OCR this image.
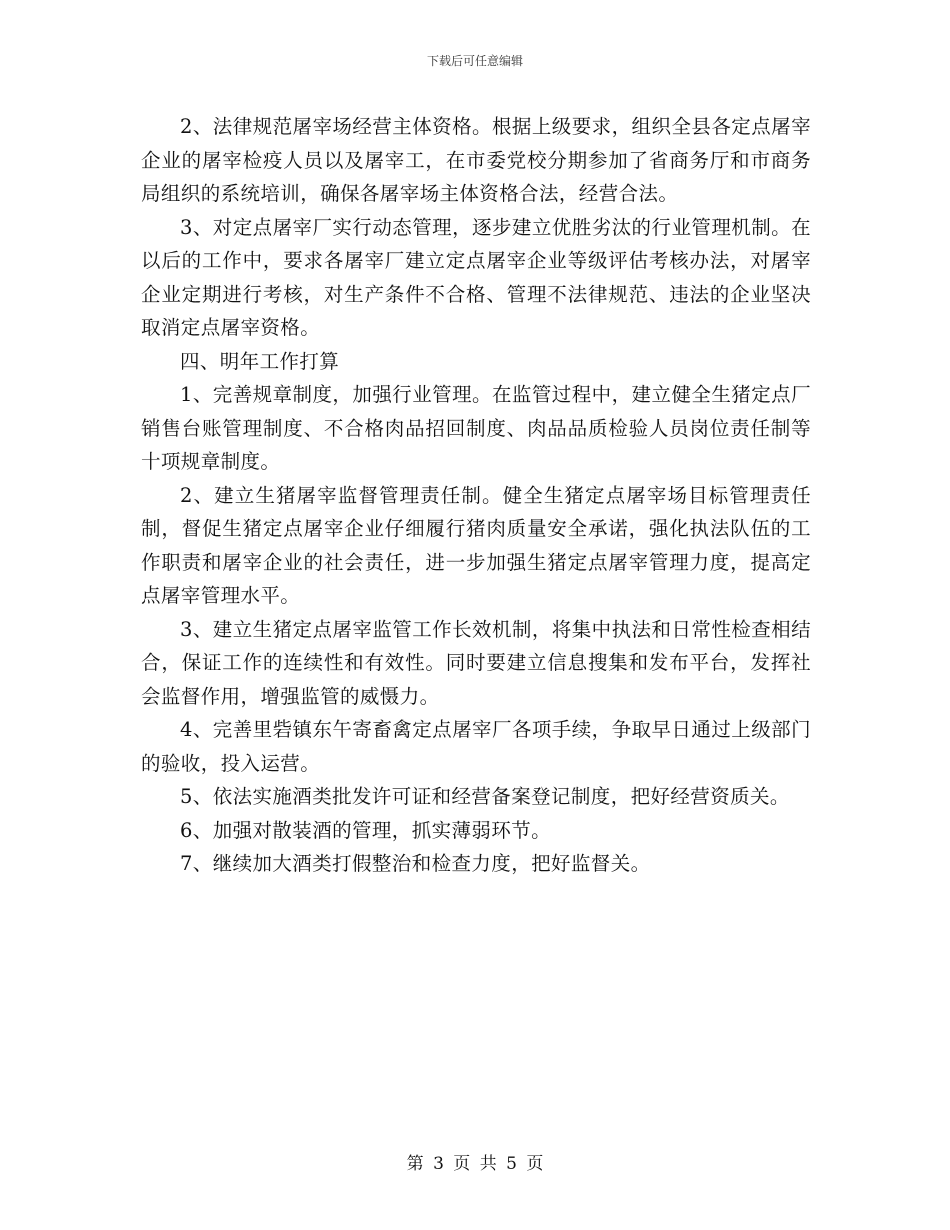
下载后可任意编辑

2、法律规范屠宰场经营主体资格。根据上级要求，组织全县各定点屠宰企业的屠宰检疫人员以及屠宰工，在市委党校分期参加了省商务厅和市商务局组织的系统培训，确保各屠宰场主体资格合法，经营合法。

3、对定点屠宰厂实行动态管理，逐步建立优胜劣汰的行业管理机制。在以后的工作中，要求各屠宰厂建立定点屠宰企业等级评估考核办法，对屠宰企业定期进行考核，对生产条件不合格、管理不法律规范、违法的企业坚决取消定点屠宰资格。

四、明年工作打算

1、完善规章制度，加强行业管理。在监管过程中，建立健全生猪定点厂销售台账管理制度、不合格肉品招回制度、肉品品质检验人员岗位责任制等十项规章制度。

2、建立生猪屠宰监督管理责任制。健全生猪定点屠宰场目标管理责任制，督促生猪定点屠宰企业仔细履行猪肉质量安全承诺，强化执法队伍的工作职责和屠宰企业的社会责任，进一步加强生猪定点屠宰管理力度，提高定点屠宰管理水平。

3、建立生猪定点屠宰监管工作长效机制，将集中执法和日常性检查相结合，保证工作的连续性和有效性。同时要建立信息搜集和发布平台，发挥社会监督作用，增强监管的威慑力。

4、完善里砦镇东午寄畜禽定点屠宰厂各项手续，争取早日通过上级部门的验收，投入运营。

5、依法实施酒类批发许可证和经营备案登记制度，把好经营资质关。

6、加强对散装酒的管理，抓实薄弱环节。

7、继续加大酒类打假整治和检查力度，把好监督关。

第 3 页 共 5 页
